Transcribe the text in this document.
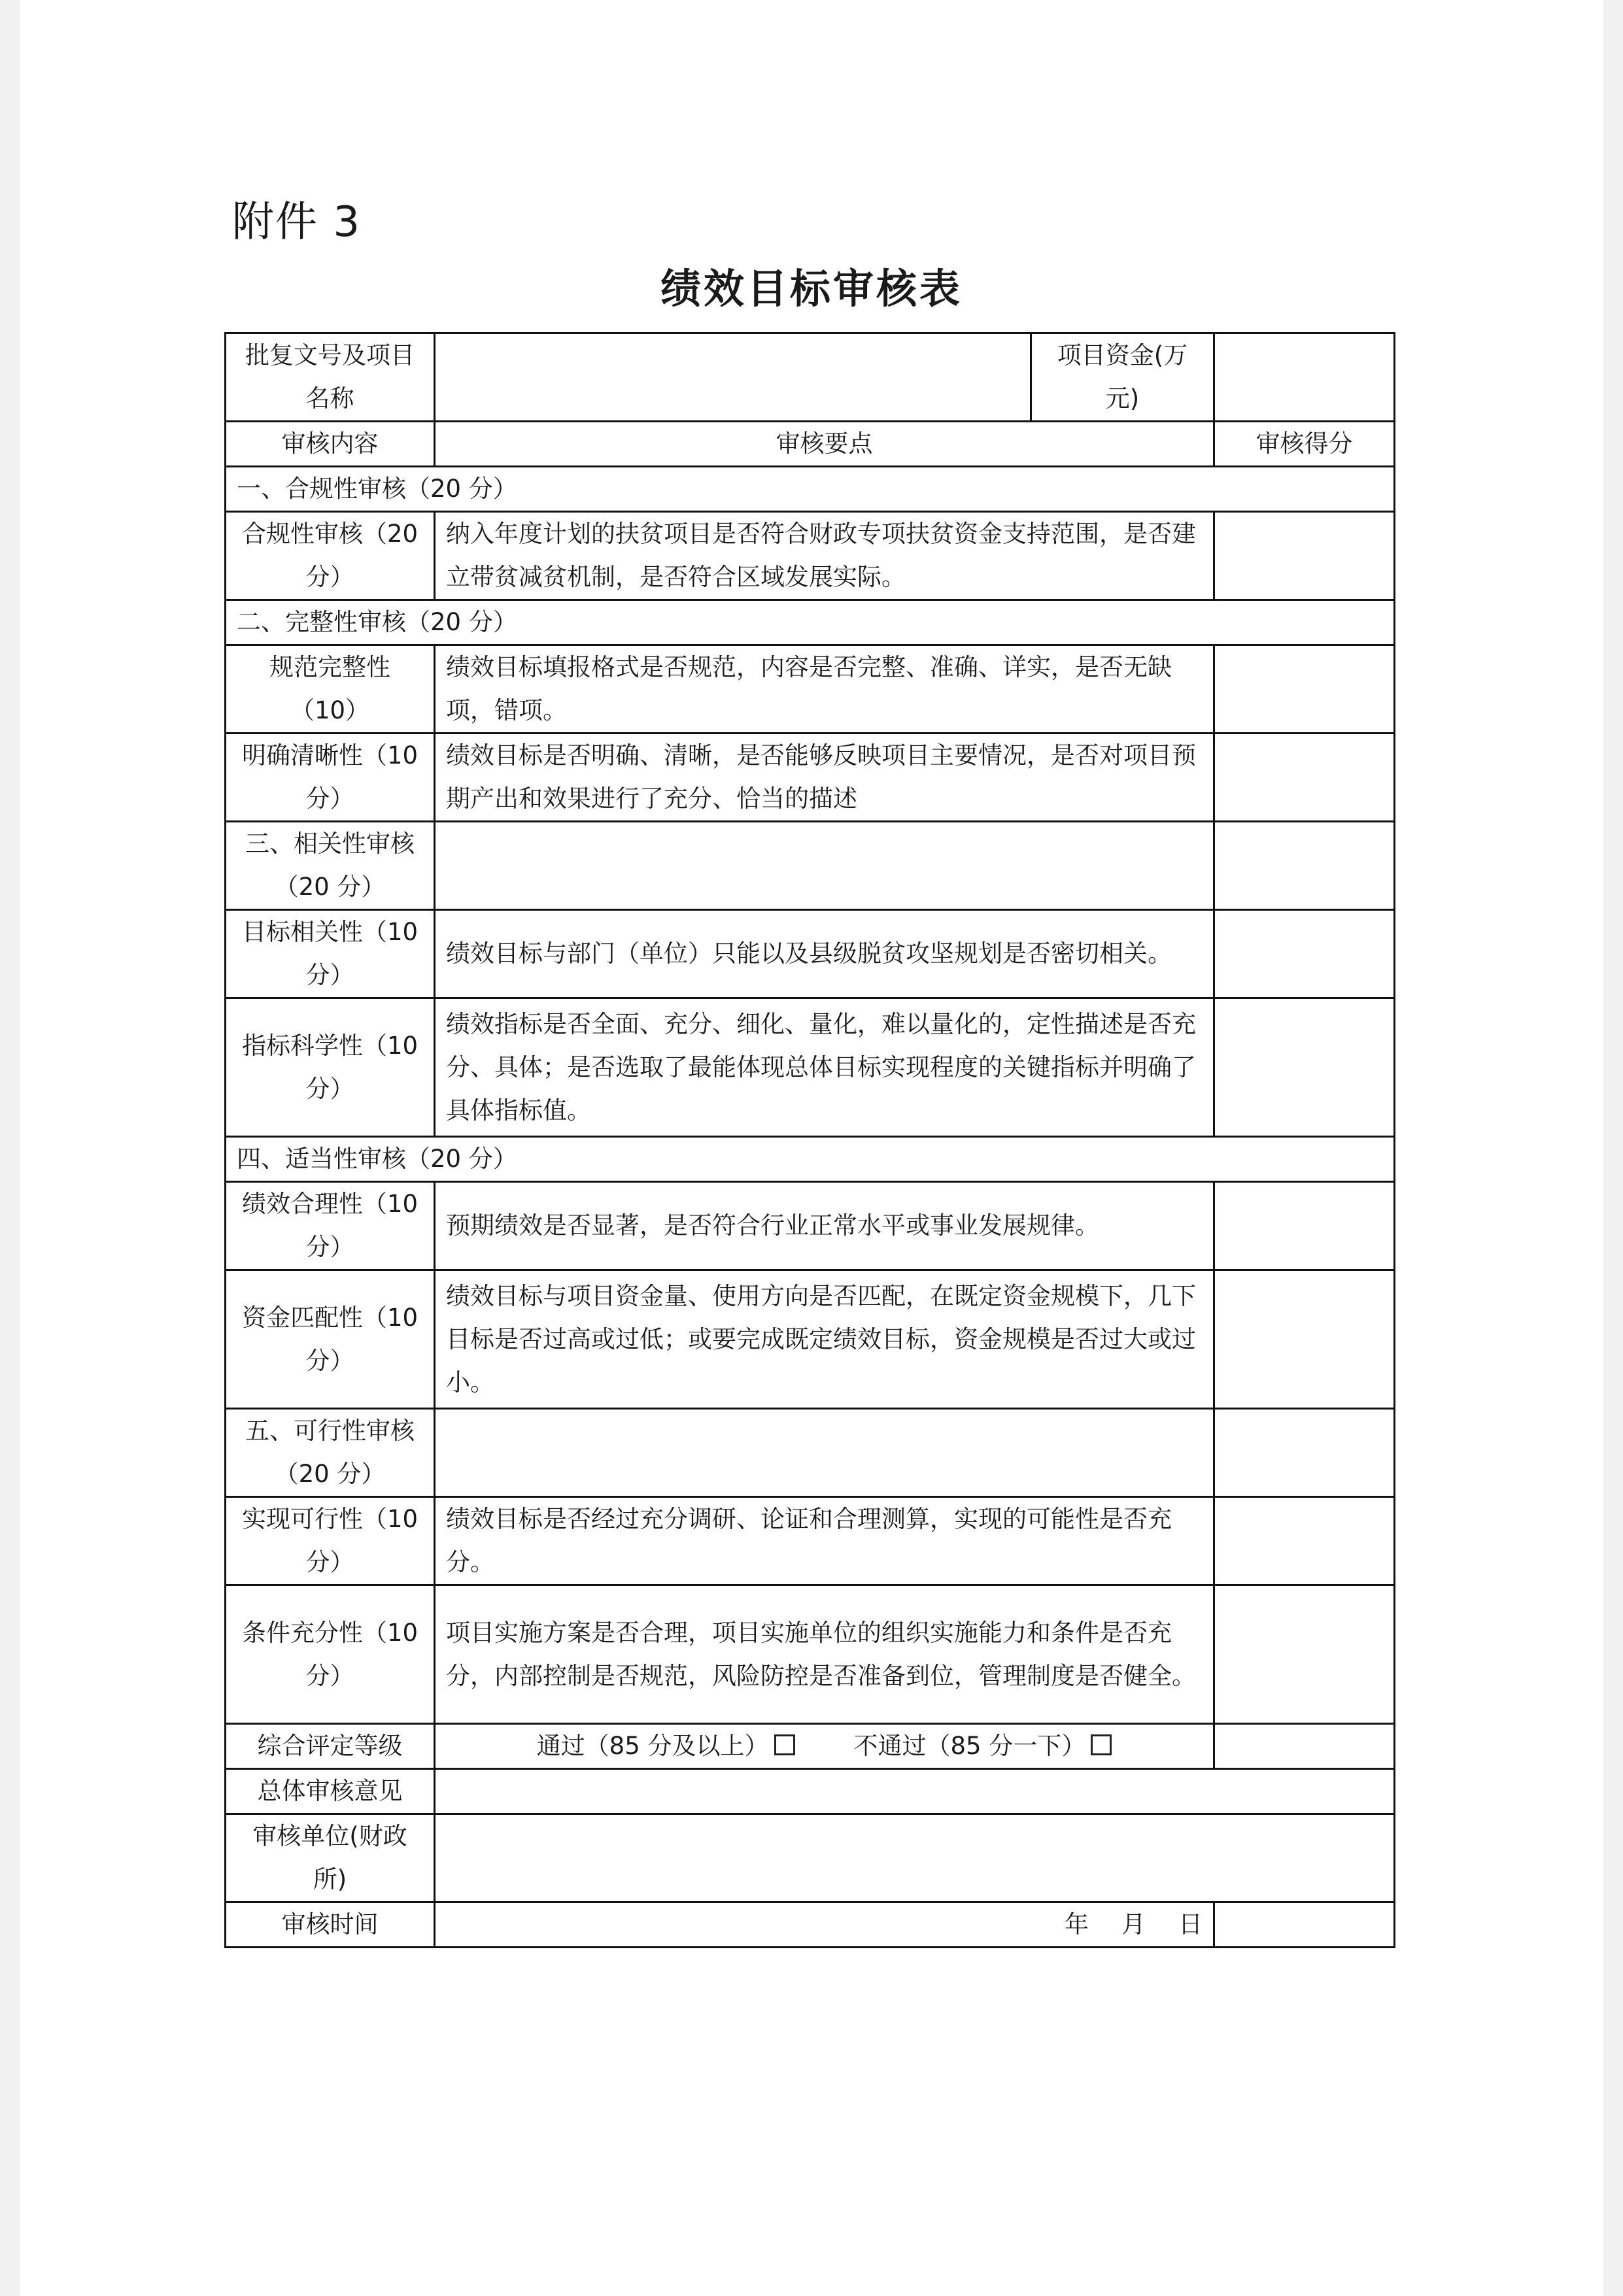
附件 3
绩效目标审核表
批复文号及项目名称		项目资金(万元)	
审核内容	审核要点		审核得分
一、合规性审核（20 分）			
合规性审核（20 分）	纳入年度计划的扶贫项目是否符合财政专项扶贫资金支持范围，是否建立带贫减贫机制，是否符合区域发展实际。		
二、完整性审核（20 分）			
规范完整性（10）	绩效目标填报格式是否规范，内容是否完整、准确、详实，是否无缺项，错项。		
明确清晰性（10 分）	绩效目标是否明确、清晰，是否能够反映项目主要情况，是否对项目预期产出和效果进行了充分、恰当的描述		
三、相关性审核（20 分）			
目标相关性（10 分）	绩效目标与部门（单位）只能以及县级脱贫攻坚规划是否密切相关。		
指标科学性（10 分）	绩效指标是否全面、充分、细化、量化，难以量化的，定性描述是否充分、具体；是否选取了最能体现总体目标实现程度的关键指标并明确了具体指标值。		
四、适当性审核（20 分）			
绩效合理性（10 分）	预期绩效是否显著，是否符合行业正常水平或事业发展规律。		
资金匹配性（10 分）	绩效目标与项目资金量、使用方向是否匹配，在既定资金规模下，几下目标是否过高或过低；或要完成既定绩效目标，资金规模是否过大或过小。		
五、可行性审核（20 分）			
实现可行性（10 分）	绩效目标是否经过充分调研、论证和合理测算，实现的可能性是否充分。		
条件充分性（10 分）	项目实施方案是否合理，项目实施单位的组织实施能力和条件是否充分，内部控制是否规范，风险防控是否准备到位，管理制度是否健全。		
综合评定等级	通过（85 分及以上） 不通过（85 分一下）		
总体审核意见			
审核单位(财政所)			
审核时间	年 月 日		
